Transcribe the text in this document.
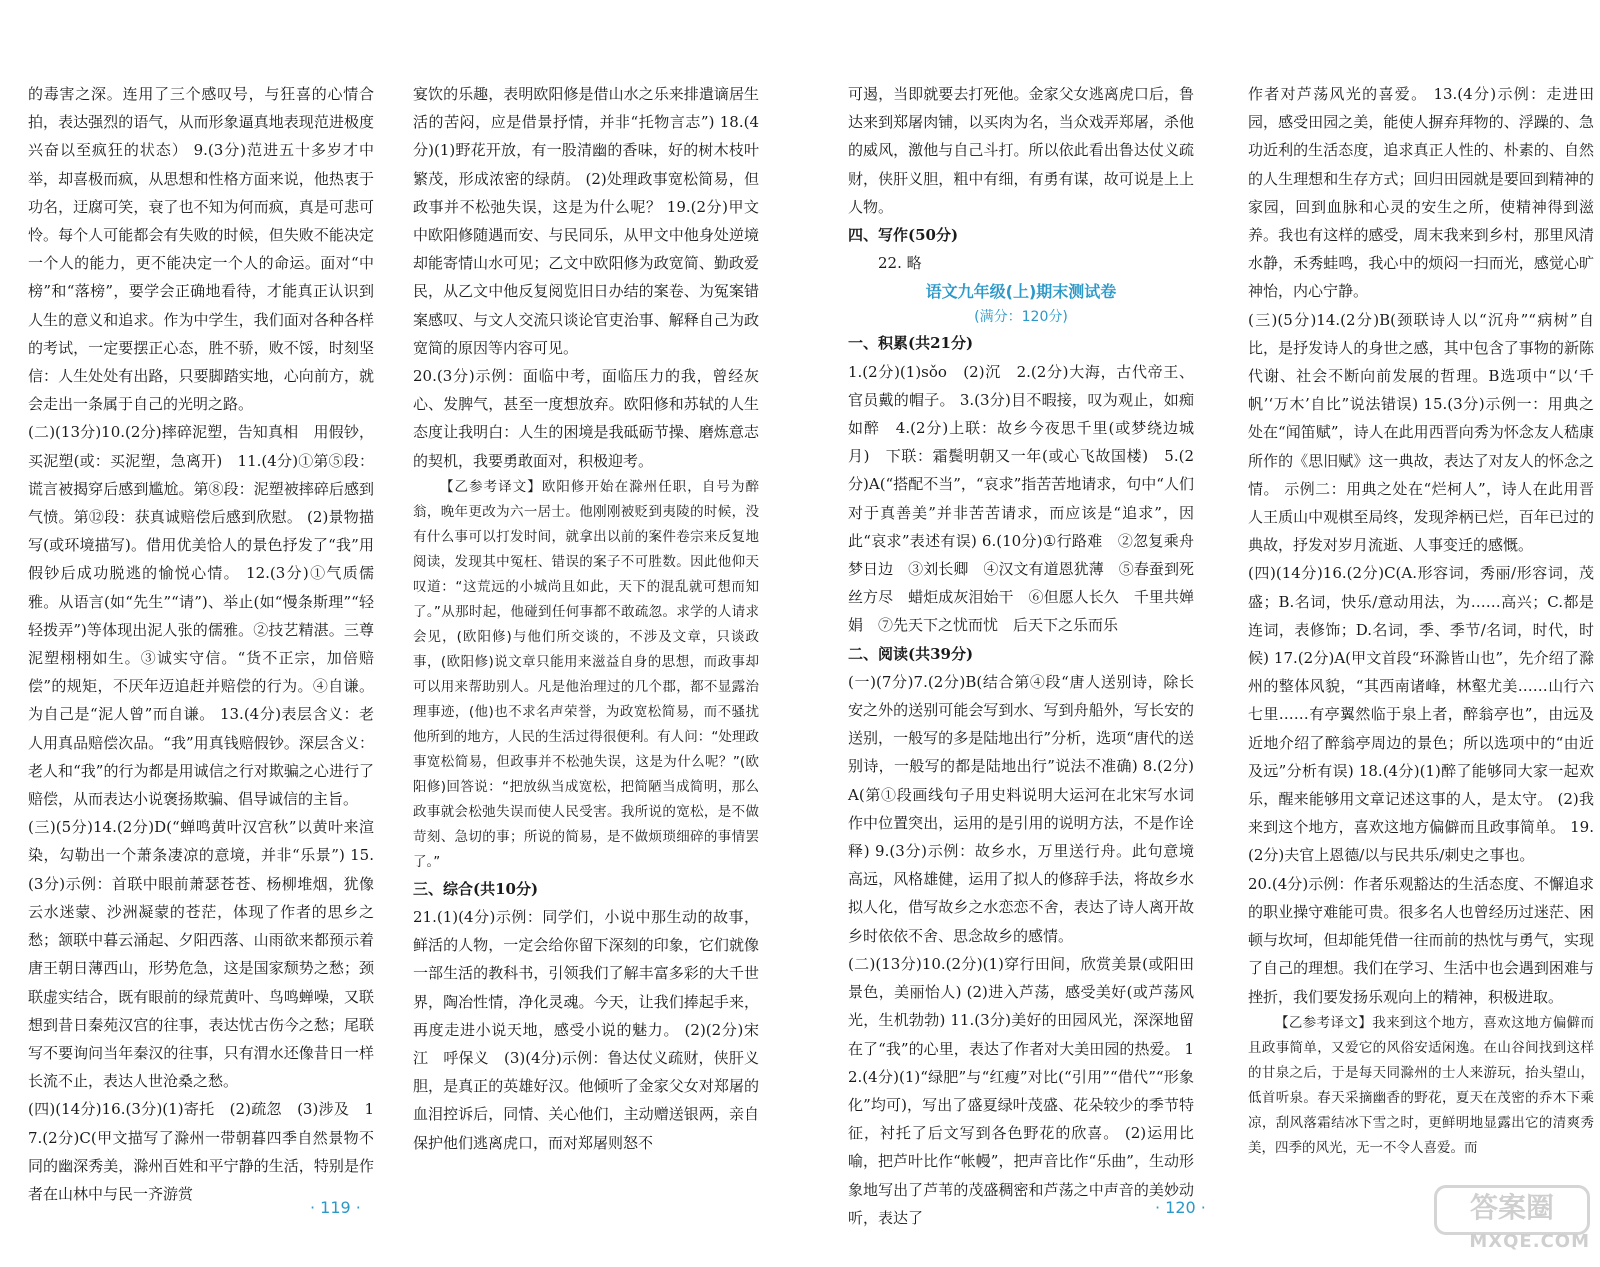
的毒害之深。连用了三个感叹号，与狂喜的心情合拍，表达强烈的语气，从而形象逼真地表现范进极度兴奋以至疯狂的状态） 9.(3分)范进五十多岁才中举，却喜极而疯，从思想和性格方面来说，他热衷于功名，迂腐可笑，衰了也不知为何而疯，真是可悲可怜。每个人可能都会有失败的时候，但失败不能决定一个人的能力，更不能决定一个人的命运。面对“中榜”和“落榜”，要学会正确地看待，才能真正认识到人生的意义和追求。作为中学生，我们面对各种各样的考试，一定要摆正心态，胜不骄，败不馁，时刻坚信：人生处处有出路，只要脚踏实地，心向前方，就会走出一条属于自己的光明之路。

(二)(13分)10.(2分)摔碎泥塑，告知真相　用假钞，买泥塑(或：买泥塑，急离开)　11.(4分)①第⑤段：谎言被揭穿后感到尴尬。第⑧段：泥塑被摔碎后感到气愤。第⑫段：获真诚赔偿后感到欣慰。 (2)景物描写(或环境描写)。借用优美恰人的景色抒发了“我”用假钞后成功脱逃的愉悦心情。 12.(3分)①气质儒雅。从语言(如“先生”“请”)、举止(如“慢条斯理”“轻轻拨弄”)等体现出泥人张的儒雅。②技艺精湛。三尊泥塑栩栩如生。③诚实守信。“货不正宗，加倍赔偿”的规矩，不厌年迈追赶并赔偿的行为。④自谦。为自己是“泥人曾”而自谦。 13.(4分)表层含义：老人用真品赔偿次品。“我”用真钱赔假钞。深层含义：老人和“我”的行为都是用诚信之行对欺骗之心进行了赔偿，从而表达小说褒扬欺骗、倡导诚信的主旨。

(三)(5分)14.(2分)D(“蝉鸣黄叶汉宫秋”以黄叶来渲染，勾勒出一个萧条凄凉的意境，并非“乐景”) 15.(3分)示例：首联中眼前萧瑟苍苍、杨柳堆烟，犹像云水迷蒙、沙洲凝蒙的苍茫，体现了作者的思乡之愁；颔联中暮云涌起、夕阳西落、山雨欲来都预示着唐王朝日薄西山，形势危急，这是国家颓势之愁；颈联虚实结合，既有眼前的绿荒黄叶、鸟鸣蝉噪，又联想到昔日秦苑汉宫的往事，表达忧古伤今之愁；尾联写不要询问当年秦汉的往事，只有渭水还像昔日一样长流不止，表达人世沧桑之愁。

(四)(14分)16.(3分)(1)寄托　(2)疏忽　(3)涉及　17.(2分)C(甲文描写了滁州一带朝暮四季自然景物不同的幽深秀美，滁州百姓和平宁静的生活，特别是作者在山林中与民一齐游赏

宴饮的乐趣，表明欧阳修是借山水之乐来排遣谪居生活的苦闷，应是借景抒情，并非“托物言志”) 18.(4分)(1)野花开放，有一股清幽的香味，好的树木枝叶繁茂，形成浓密的绿荫。 (2)处理政事宽松简易，但政事并不松弛失误，这是为什么呢？ 19.(2分)甲文中欧阳修随遇而安、与民同乐，从甲文中他身处逆境却能寄情山水可见；乙文中欧阳修为政宽简、勤政爱民，从乙文中他反复阅览旧日办结的案卷、为冤案错案感叹、与文人交流只谈论官吏治事、解释自己为政宽简的原因等内容可见。

20.(3分)示例：面临中考，面临压力的我，曾经灰心、发脾气，甚至一度想放弃。欧阳修和苏轼的人生态度让我明白：人生的困境是我砥砺节操、磨炼意志的契机，我要勇敢面对，积极迎考。

【乙参考译文】欧阳修开始在滁州任职，自号为醉翁，晚年更改为六一居士。他刚刚被贬到夷陵的时候，没有什么事可以打发时间，就拿出以前的案件卷宗来反复地阅读，发现其中冤枉、错误的案子不可胜数。因此他仰天叹道：“这荒远的小城尚且如此，天下的混乱就可想而知了。”从那时起，他碰到任何事都不敢疏忽。求学的人请求会见，(欧阳修)与他们所交谈的，不涉及文章，只谈政事，(欧阳修)说文章只能用来滋益自身的思想，而政事却可以用来帮助别人。凡是他治理过的几个郡，都不显露治理事迹，(他)也不求名声荣誉，为政宽松简易，而不骚扰他所到的地方，人民的生活过得很便利。有人问：“处理政事宽松简易，但政事并不松弛失误，这是为什么呢？”(欧阳修)回答说：“把放纵当成宽松，把简陋当成简明，那么政事就会松弛失误而使人民受害。我所说的宽松，是不做苛刻、急切的事；所说的简易，是不做烦琐细碎的事情罢了。”

三、综合(共10分)

21.(1)(4分)示例：同学们，小说中那生动的故事，鲜活的人物，一定会给你留下深刻的印象，它们就像一部生活的教科书，引领我们了解丰富多彩的大千世界，陶冶性情，净化灵魂。今天，让我们捧起手来，再度走进小说天地，感受小说的魅力。 (2)(2分)宋江　呼保义　(3)(4分)示例：鲁达仗义疏财，侠肝义胆，是真正的英雄好汉。他倾听了金家父女对郑屠的血泪控诉后，同情、关心他们，主动赠送银两，亲自保护他们逃离虎口，而对郑屠则怒不

· 119 ·

可遏，当即就要去打死他。金家父女逃离虎口后，鲁达来到郑屠肉铺，以买肉为名，当众戏弄郑屠，杀他的威风，激他与自己斗打。所以依此看出鲁达仗义疏财，侠肝义胆，粗中有细，有勇有谋，故可说是上上人物。

四、写作(50分)

22. 略

语文九年级(上)期末测试卷

(满分：120分)

一、积累(共21分)

1.(2分)(1)sǒo　(2)沉　2.(2分)大海，古代帝王、官员戴的帽子。 3.(3分)目不暇接，叹为观止，如痴如醉　4.(2分)上联：故乡今夜思千里(或梦绕边城月)　下联：霜鬓明朝又一年(或心飞故国楼)　5.(2分)A(“搭配不当”，“哀求”指苦苦地请求，句中“人们对于真善美”并非苦苦请求，而应该是“追求”，因此“哀求”表述有误) 6.(10分)①行路难　②忽复乘舟梦日边　③刘长卿　④汉文有道恩犹薄　⑤春蚕到死丝方尽　蜡炬成灰泪始干　⑥但愿人长久　千里共婵娟　⑦先天下之忧而忧　后天下之乐而乐

二、阅读(共39分)

(一)(7分)7.(2分)B(结合第④段“唐人送别诗，除长安之外的送别可能会写到水、写到舟船外，写长安的送别，一般写的多是陆地出行”分析，选项“唐代的送别诗，一般写的都是陆地出行”说法不准确) 8.(2分)A(第①段画线句子用史料说明大运河在北宋写水词作中位置突出，运用的是引用的说明方法，不是作诠释) 9.(3分)示例：故乡水，万里送行舟。此句意境高远，风格雄健，运用了拟人的修辞手法，将故乡水拟人化，借写故乡之水恋恋不舍，表达了诗人离开故乡时依依不舍、思念故乡的感情。

(二)(13分)10.(2分)(1)穿行田间，欣赏美景(或阳田景色，美丽怡人) (2)进入芦荡，感受美好(或芦荡风光，生机勃勃) 11.(3分)美好的田园风光，深深地留在了“我”的心里，表达了作者对大美田园的热爱。 12.(4分)(1)“绿肥”与“红瘦”对比(“引用”“借代”“形象化”均可)，写出了盛夏绿叶茂盛、花朵较少的季节特征，衬托了后文写到各色野花的欣喜。 (2)运用比喻，把芦叶比作“帐幔”，把声音比作“乐曲”，生动形象地写出了芦苇的茂盛稠密和芦荡之中声音的美妙动听，表达了

作者对芦荡风光的喜爱。 13.(4分)示例：走进田园，感受田园之美，能使人摒弃拜物的、浮躁的、急功近利的生活态度，追求真正人性的、朴素的、自然的人生理想和生存方式；回归田园就是要回到精神的家园，回到血脉和心灵的安生之所，使精神得到滋养。我也有这样的感受，周末我来到乡村，那里风清水静，禾秀蛙鸣，我心中的烦闷一扫而光，感觉心旷神怡，内心宁静。

(三)(5分)14.(2分)B(颈联诗人以“沉舟”“病树”自比，是抒发诗人的身世之感，其中包含了事物的新陈代谢、社会不断向前发展的哲理。B选项中“以‘千帆’‘万木’自比”说法错误) 15.(3分)示例一：用典之处在“闻笛赋”，诗人在此用西晋向秀为怀念友人嵇康所作的《思旧赋》这一典故，表达了对友人的怀念之情。 示例二：用典之处在“烂柯人”，诗人在此用晋人王质山中观棋至局终，发现斧柄已烂，百年已过的典故，抒发对岁月流逝、人事变迁的感慨。

(四)(14分)16.(2分)C(A.形容词，秀丽/形容词，茂盛；B.名词，快乐/意动用法，为……高兴；C.都是连词，表修饰；D.名词，季、季节/名词，时代，时候) 17.(2分)A(甲文首段“环滁皆山也”，先介绍了滁州的整体风貌，“其西南诸峰，林壑尤美……山行六七里……有亭翼然临于泉上者，醉翁亭也”，由远及近地介绍了醉翁亭周边的景色；所以选项中的“由近及远”分析有误) 18.(4分)(1)醉了能够同大家一起欢乐，醒来能够用文章记述这事的人，是太守。 (2)我来到这个地方，喜欢这地方偏僻而且政事简单。 19.(2分)夫官上恩德/以与民共乐/刺史之事也。

20.(4分)示例：作者乐观豁达的生活态度、不懈追求的职业操守难能可贵。很多名人也曾经历过迷茫、困顿与坎坷，但却能凭借一往而前的热忱与勇气，实现了自己的理想。我们在学习、生活中也会遇到困难与挫折，我们要发扬乐观向上的精神，积极进取。

【乙参考译文】我来到这个地方，喜欢这地方偏僻而且政事简单，又爱它的风俗安适闲逸。在山谷间找到这样的甘泉之后，于是每天同滁州的士人来游玩，抬头望山，低首听泉。春天采摘幽香的野花，夏天在茂密的乔木下乘凉，刮风落霜结冰下雪之时，更鲜明地显露出它的清爽秀美，四季的风光，无一不令人喜爱。而

· 120 ·	答案圈
MXQE.COM
